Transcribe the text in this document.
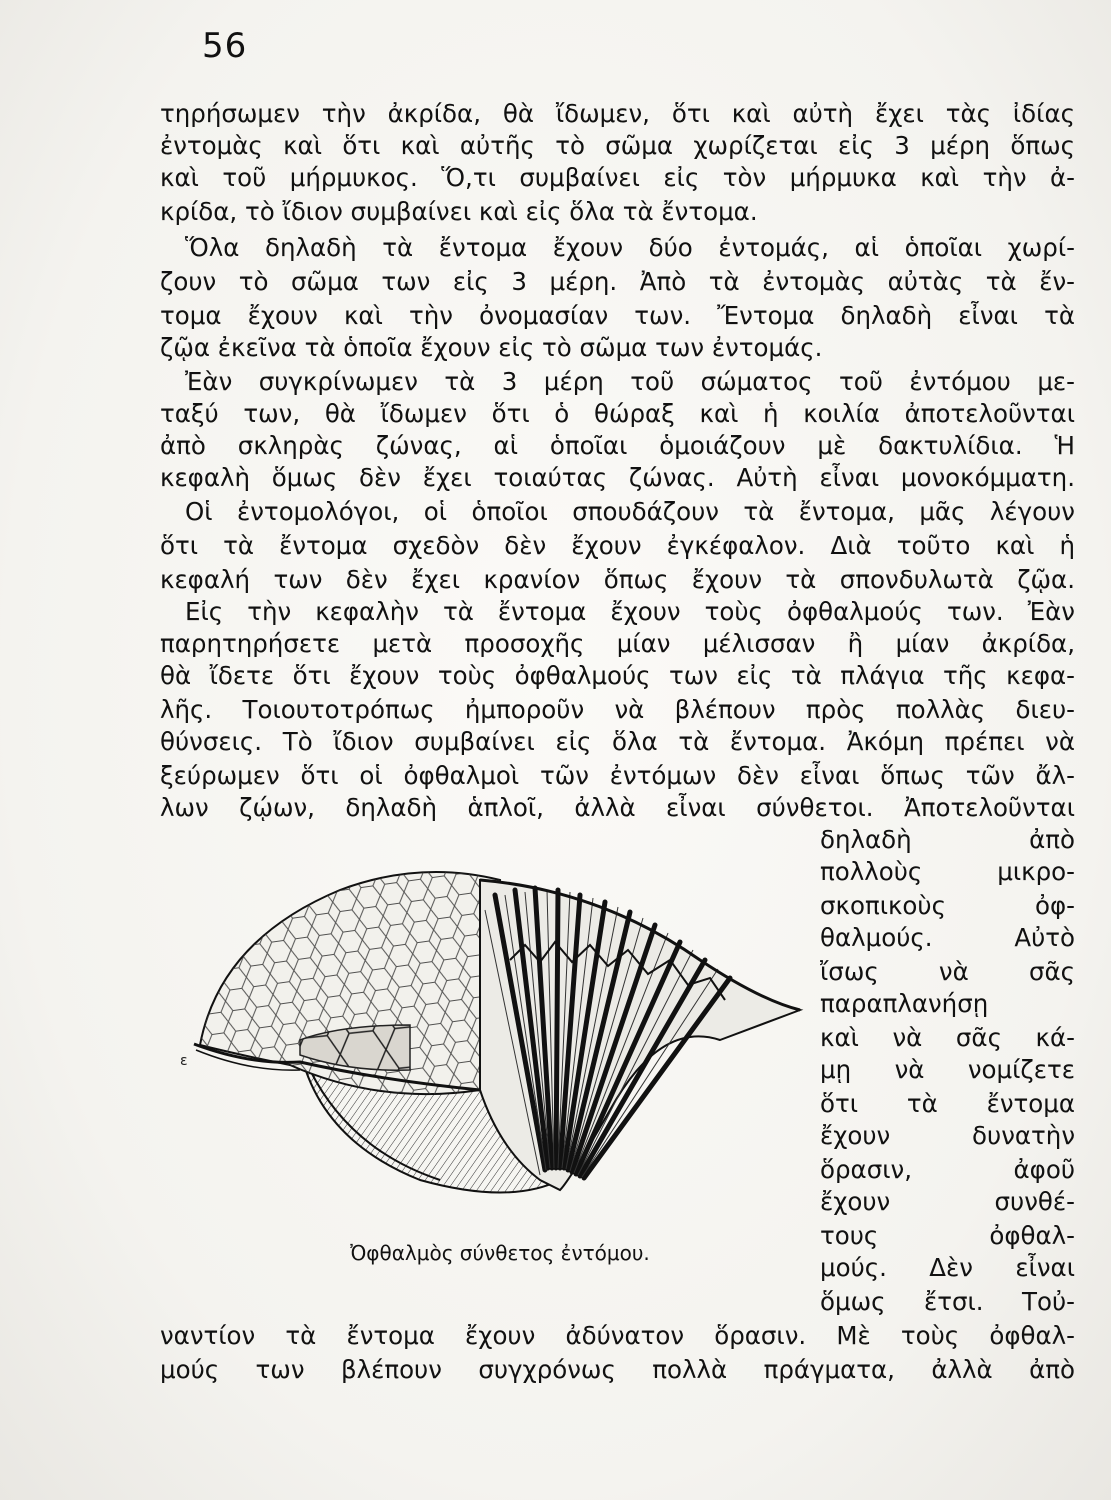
56
τηρήσωμεν τὴν ἀκρίδα, θὰ ἴδωμεν, ὅτι καὶ αὐτὴ ἔχει τὰς ἰδίας
ἐντομὰς καὶ ὅτι καὶ αὐτῆς τὸ σῶμα χωρίζεται εἰς 3 μέρη ὅπως
καὶ τοῦ μήρμυκος. Ὅ,τι συμβαίνει εἰς τὸν μήρμυκα καὶ τὴν ἀ-
κρίδα, τὸ ἴδιον συμβαίνει καὶ εἰς ὅλα τὰ ἔντομα.
Ὅλα δηλαδὴ τὰ ἔντομα ἔχουν δύο ἐντομάς, αἱ ὁποῖαι χωρί-
ζουν τὸ σῶμα των εἰς 3 μέρη. Ἀπὸ τὰ ἐντομὰς αὐτὰς τὰ ἔν-
τομα ἔχουν καὶ τὴν ὀνομασίαν των. Ἔντομα δηλαδὴ εἶναι τὰ
ζῷα ἐκεῖνα τὰ ὁποῖα ἔχουν εἰς τὸ σῶμα των ἐντομάς.
Ἐὰν συγκρίνωμεν τὰ 3 μέρη τοῦ σώματος τοῦ ἐντόμου με-
ταξύ των, θὰ ἴδωμεν ὅτι ὁ θώραξ καὶ ἡ κοιλία ἀποτελοῦνται
ἀπὸ σκληρὰς ζώνας, αἱ ὁποῖαι ὁμοιάζουν μὲ δακτυλίδια. Ἡ
κεφαλὴ ὅμως δὲν ἔχει τοιαύτας ζώνας. Αὐτὴ εἶναι μονοκόμματη.
Οἱ ἐντομολόγοι, οἱ ὁποῖοι σπουδάζουν τὰ ἔντομα, μᾶς λέγουν
ὅτι τὰ ἔντομα σχεδὸν δὲν ἔχουν ἐγκέφαλον. Διὰ τοῦτο καὶ ἡ
κεφαλή των δὲν ἔχει κρανίον ὅπως ἔχουν τὰ σπονδυλωτὰ ζῷα.
Εἰς τὴν κεφαλὴν τὰ ἔντομα ἔχουν τοὺς ὀφθαλμούς των. Ἐὰν
παρητηρήσετε μετὰ προσοχῆς μίαν μέλισσαν ἢ μίαν ἀκρίδα,
θὰ ἴδετε ὅτι ἔχουν τοὺς ὀφθαλμούς των εἰς τὰ πλάγια τῆς κεφα-
λῆς. Τοιουτοτρόπως ἠμποροῦν νὰ βλέπουν πρὸς πολλὰς διευ-
θύνσεις. Τὸ ἴδιον συμβαίνει εἰς ὅλα τὰ ἔντομα. Ἀκόμη πρέπει νὰ
ξεύρωμεν ὅτι οἱ ὀφθαλμοὶ τῶν ἐντόμων δὲν εἶναι ὅπως τῶν ἄλ-
λων ζῴων, δηλαδὴ ἁπλοῖ, ἀλλὰ εἶναι σύνθετοι. Ἀποτελοῦνται
δηλαδὴ ἀπὸ
πολλοὺς μικρο-
σκοπικοὺς ὀφ-
θαλμούς. Αὐτὸ
ἴσως νὰ σᾶς
παραπλανήσῃ
καὶ νὰ σᾶς κά-
μῃ νὰ νομίζετε
ὅτι τὰ ἔντομα
ἔχουν δυνατὴν
ὅρασιν, ἀφοῦ
ἔχουν συνθέ-
τους ὀφθαλ-
μούς. Δὲν εἶναι
ὅμως ἔτσι. Τοὐ-
ναντίον τὰ ἔντομα ἔχουν ἀδύνατον ὅρασιν. Μὲ τοὺς ὀφθαλ-
μούς των βλέπουν συγχρόνως πολλὰ πράγματα, ἀλλὰ ἀπὸ
ε
Ὀφθαλμὸς σύνθετος ἐντόμου.
